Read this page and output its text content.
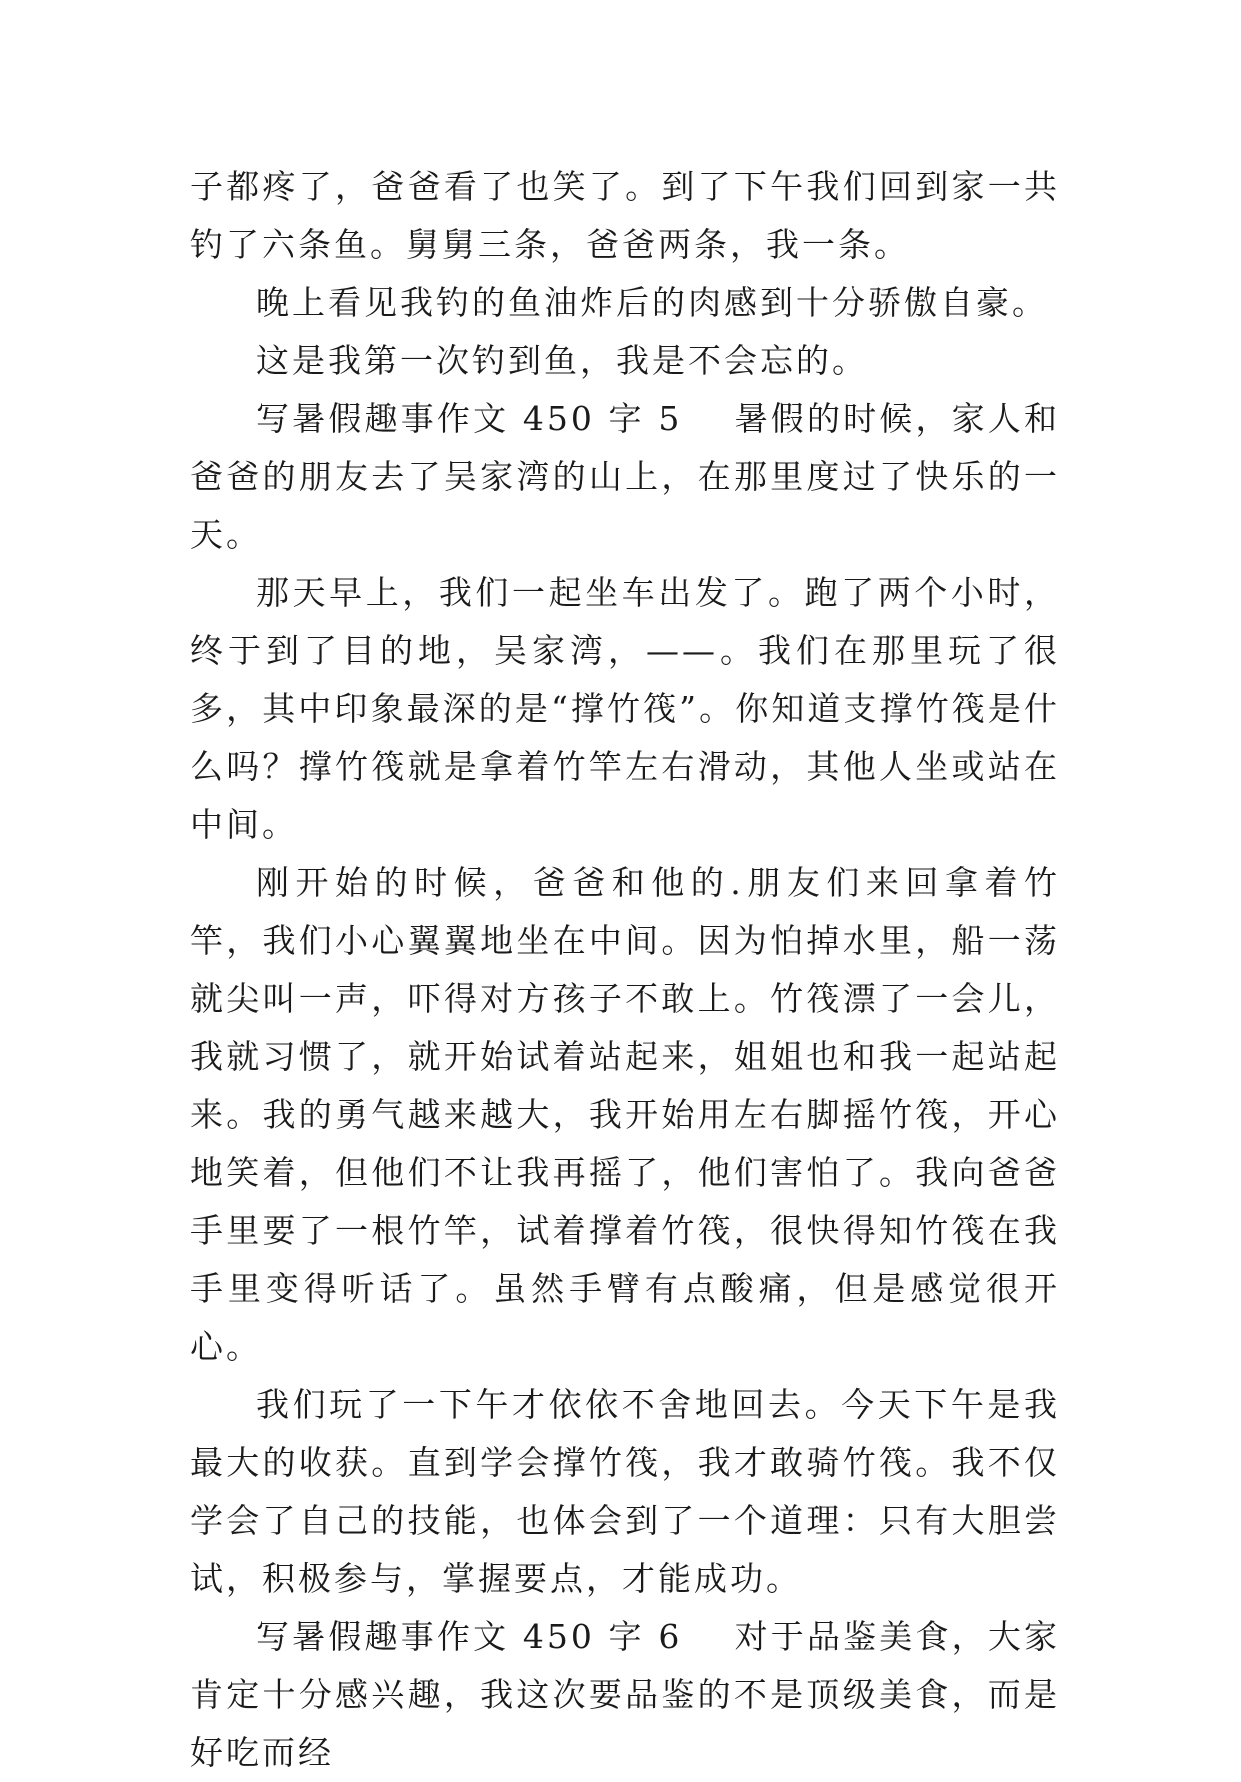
子都疼了，爸爸看了也笑了。到了下午我们回到家一共钓了六条鱼。舅舅三条，爸爸两条，我一条。

晚上看见我钓的鱼油炸后的肉感到十分骄傲自豪。

这是我第一次钓到鱼，我是不会忘的。

写暑假趣事作文 450 字 5 暑假的时候，家人和爸爸的朋友去了吴家湾的山上，在那里度过了快乐的一天。

那天早上，我们一起坐车出发了。跑了两个小时，终于到了目的地，吴家湾，——。我们在那里玩了很多，其中印象最深的是“撑竹筏”。你知道支撑竹筏是什么吗？撑竹筏就是拿着竹竿左右滑动，其他人坐或站在中间。

刚开始的时候，爸爸和他的.朋友们来回拿着竹竿，我们小心翼翼地坐在中间。因为怕掉水里，船一荡就尖叫一声，吓得对方孩子不敢上。竹筏漂了一会儿，我就习惯了，就开始试着站起来，姐姐也和我一起站起来。我的勇气越来越大，我开始用左右脚摇竹筏，开心地笑着，但他们不让我再摇了，他们害怕了。我向爸爸手里要了一根竹竿，试着撑着竹筏，很快得知竹筏在我手里变得听话了。虽然手臂有点酸痛，但是感觉很开心。

我们玩了一下午才依依不舍地回去。今天下午是我最大的收获。直到学会撑竹筏，我才敢骑竹筏。我不仅学会了自己的技能，也体会到了一个道理：只有大胆尝试，积极参与，掌握要点，才能成功。

写暑假趣事作文 450 字 6 对于品鉴美食，大家肯定十分感兴趣，我这次要品鉴的不是顶级美食，而是好吃而经
